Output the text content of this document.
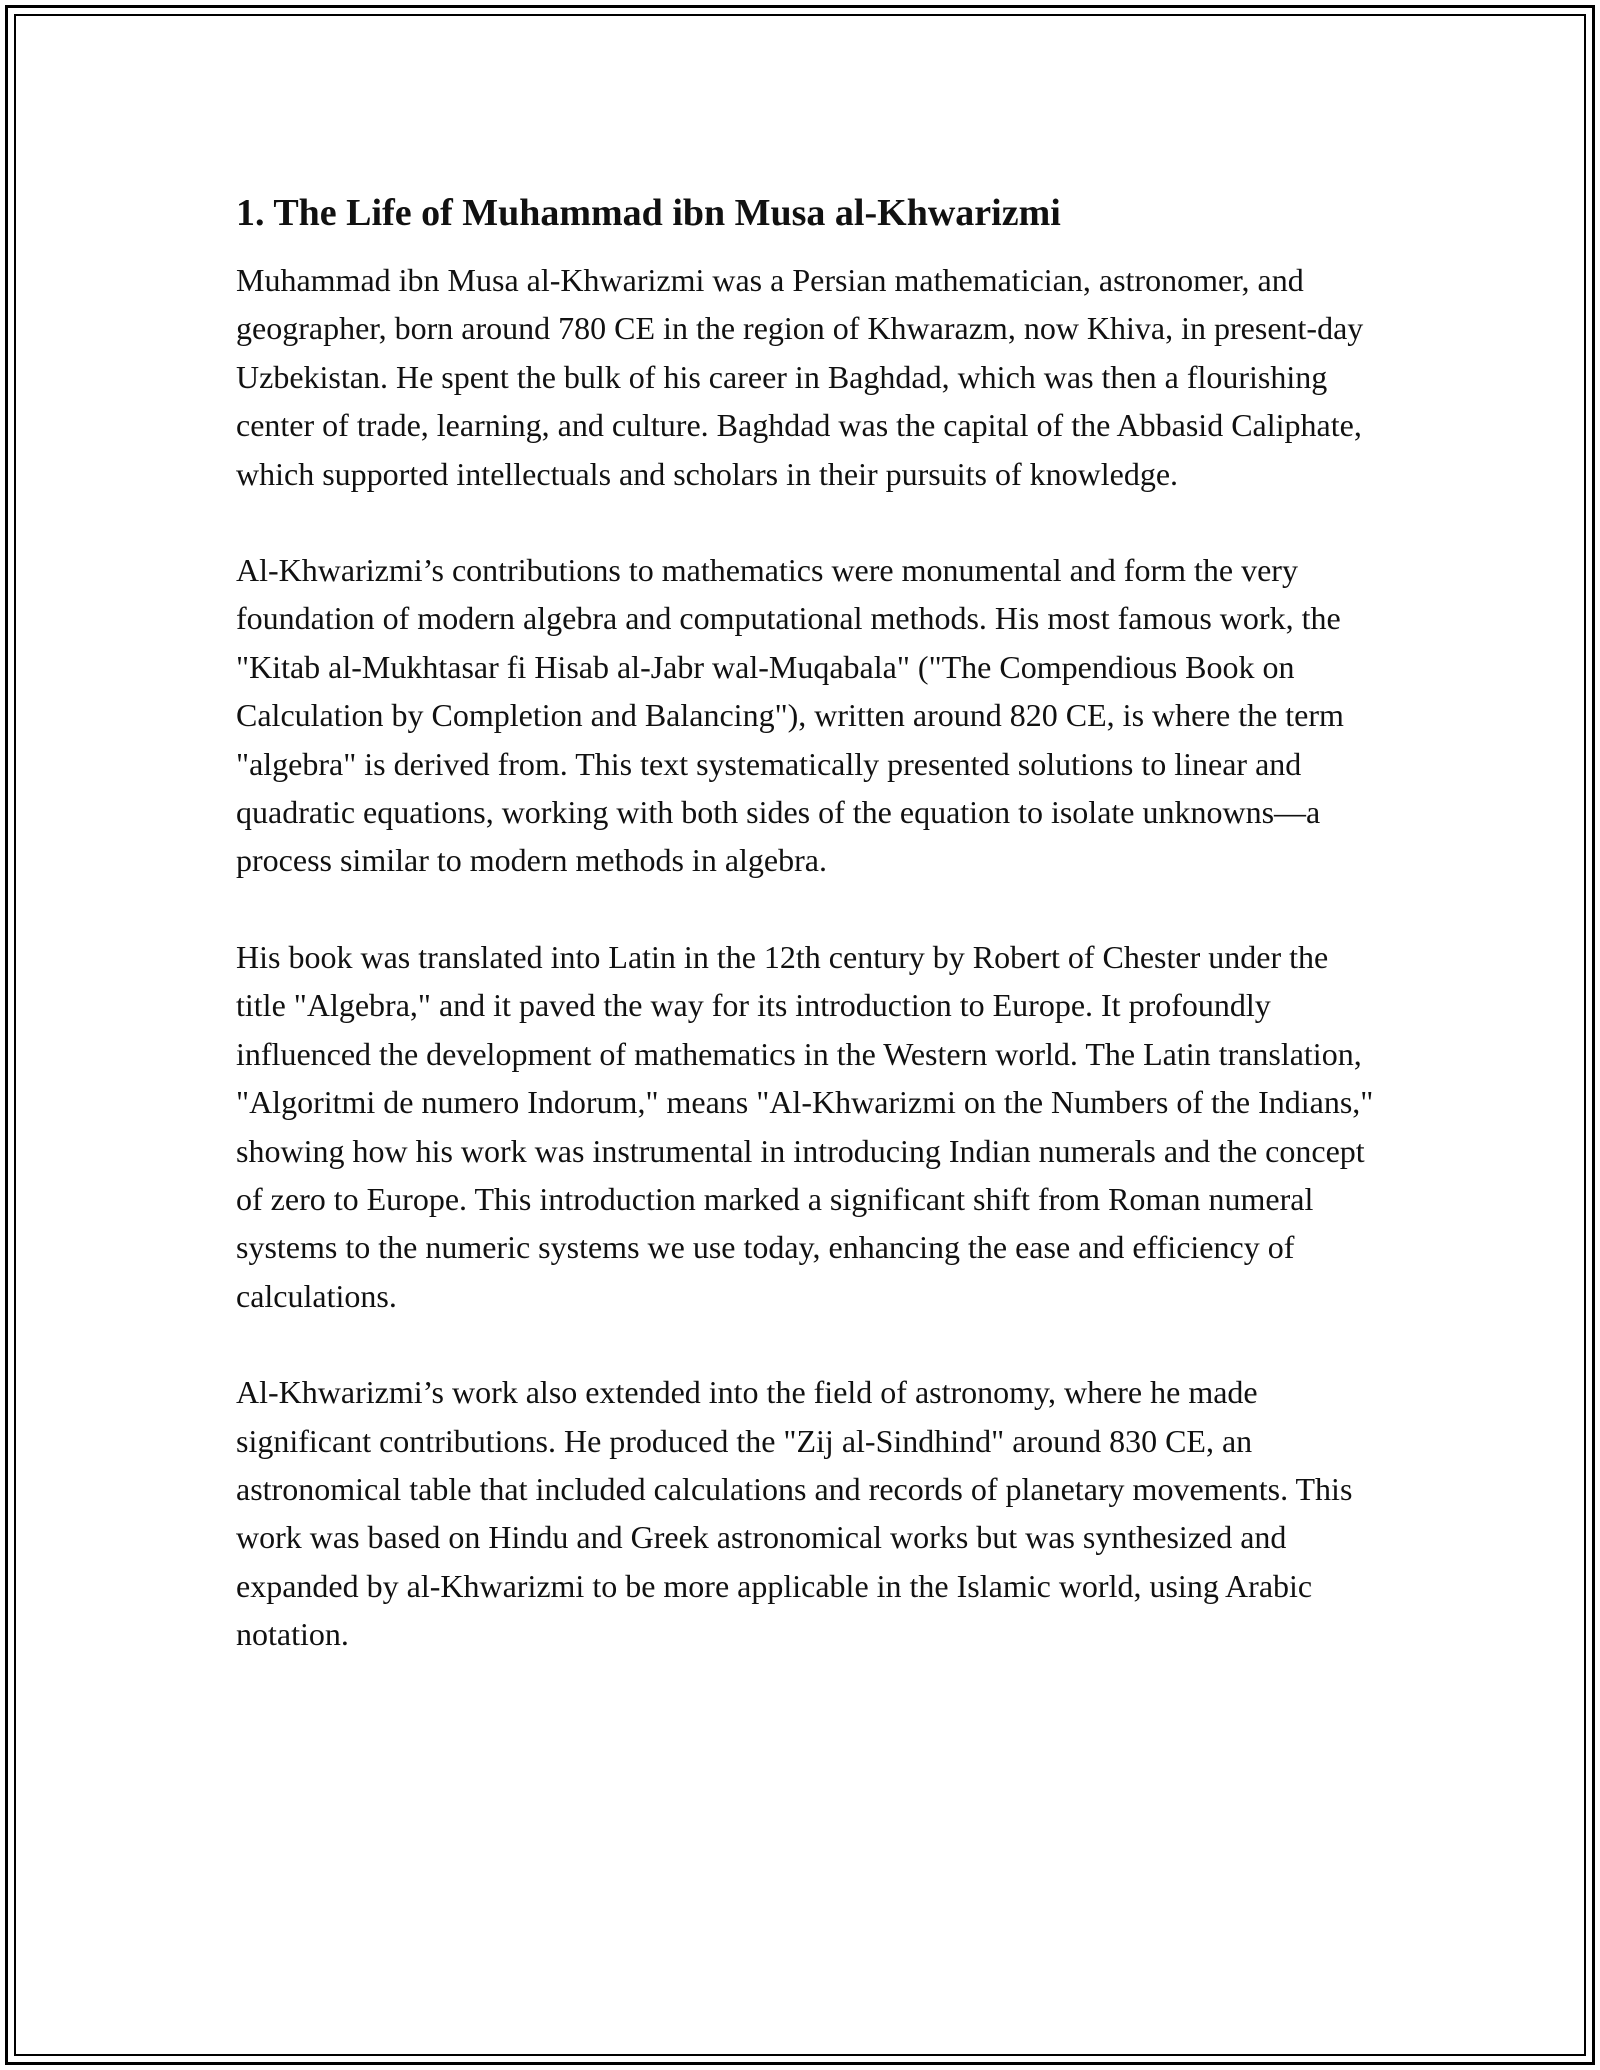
1. The Life of Muhammad ibn Musa al-Khwarizmi

Muhammad ibn Musa al-Khwarizmi was a Persian mathematician, astronomer, and geographer, born around 780 CE in the region of Khwarazm, now Khiva, in present-day Uzbekistan. He spent the bulk of his career in Baghdad, which was then a flourishing center of trade, learning, and culture. Baghdad was the capital of the Abbasid Caliphate, which supported intellectuals and scholars in their pursuits of knowledge.

Al-Khwarizmi’s contributions to mathematics were monumental and form the very foundation of modern algebra and computational methods. His most famous work, the "Kitab al-Mukhtasar fi Hisab al-Jabr wal-Muqabala" ("The Compendious Book on Calculation by Completion and Balancing"), written around 820 CE, is where the term "algebra" is derived from. This text systematically presented solutions to linear and quadratic equations, working with both sides of the equation to isolate unknowns—a process similar to modern methods in algebra.

His book was translated into Latin in the 12th century by Robert of Chester under the title "Algebra," and it paved the way for its introduction to Europe. It profoundly influenced the development of mathematics in the Western world. The Latin translation, "Algoritmi de numero Indorum," means "Al-Khwarizmi on the Numbers of the Indians," showing how his work was instrumental in introducing Indian numerals and the concept of zero to Europe. This introduction marked a significant shift from Roman numeral systems to the numeric systems we use today, enhancing the ease and efficiency of calculations.

Al-Khwarizmi’s work also extended into the field of astronomy, where he made significant contributions. He produced the "Zij al-Sindhind" around 830 CE, an astronomical table that included calculations and records of planetary movements. This work was based on Hindu and Greek astronomical works but was synthesized and expanded by al-Khwarizmi to be more applicable in the Islamic world, using Arabic notation.
